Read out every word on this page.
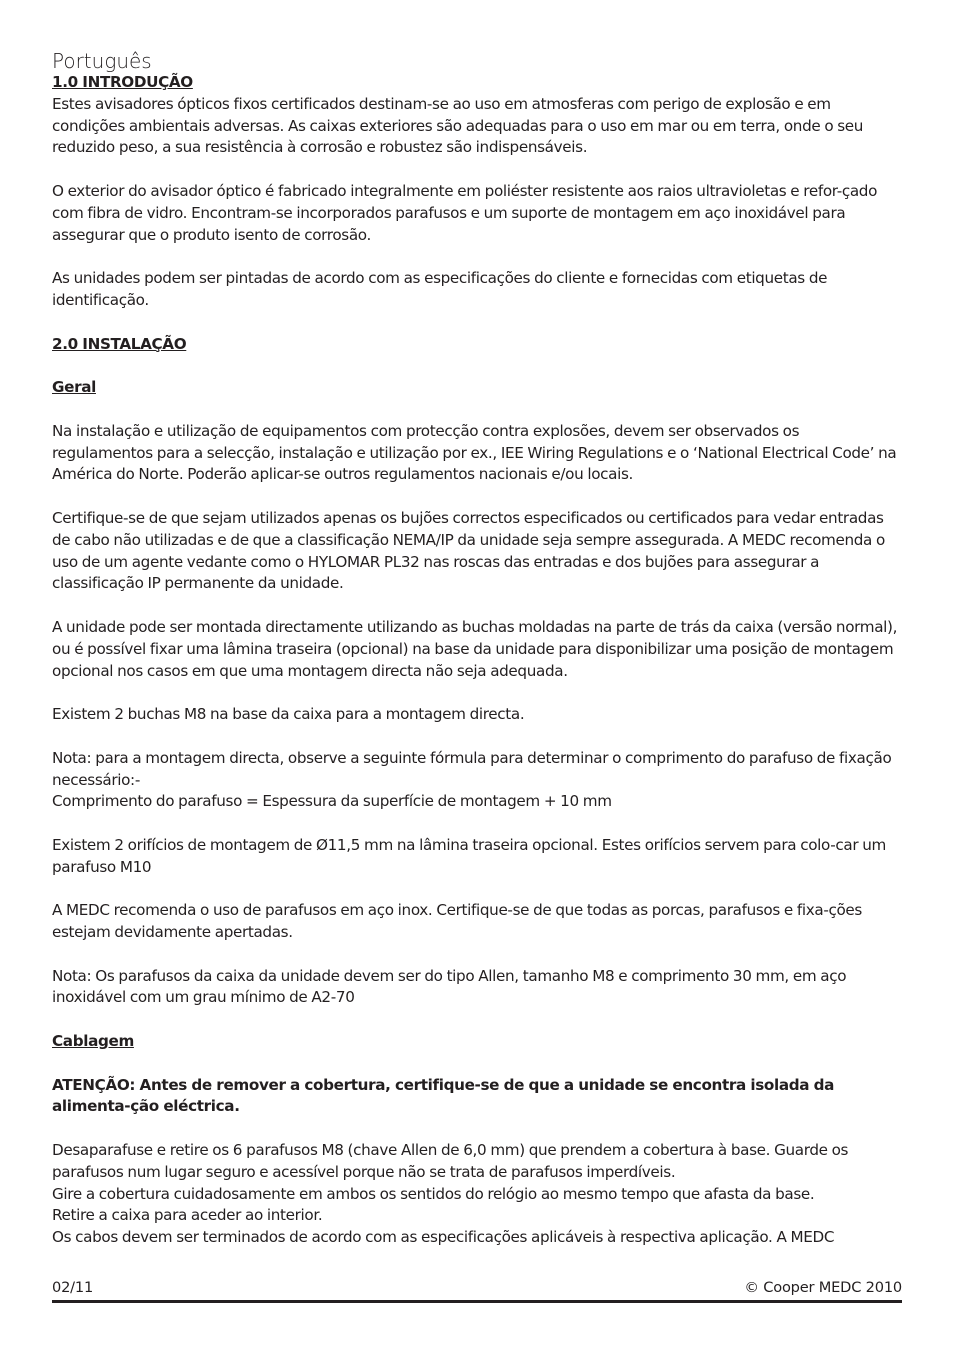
Português

1.0 INTRODUÇÃO

Estes avisadores ópticos fixos certificados destinam-se ao uso em atmosferas com perigo de explosão e em condições ambientais adversas. As caixas exteriores são adequadas para o uso em mar ou em terra, onde o seu reduzido peso, a sua resistência à corrosão e robustez são indispensáveis.

O exterior do avisador óptico é fabricado integralmente em poliéster resistente aos raios ultravioletas e refor-çado com fibra de vidro. Encontram-se incorporados parafusos e um suporte de montagem em aço inoxidável para assegurar que o produto isento de corrosão.

As unidades podem ser pintadas de acordo com as especificações do cliente e fornecidas com etiquetas de identificação.

2.0 INSTALAÇÃO

Geral

Na instalação e utilização de equipamentos com protecção contra explosões, devem ser observados os regulamentos para a selecção, instalação e utilização por ex., IEE Wiring Regulations e o ‘National Electrical Code’ na América do Norte. Poderão aplicar-se outros regulamentos nacionais e/ou locais.

Certifique-se de que sejam utilizados apenas os bujões correctos especificados ou certificados para vedar entradas de cabo não utilizadas e de que a classificação NEMA/IP da unidade seja sempre assegurada. A MEDC recomenda o uso de um agente vedante como o HYLOMAR PL32 nas roscas das entradas e dos bujões para assegurar a classificação IP permanente da unidade.

A unidade pode ser montada directamente utilizando as buchas moldadas na parte de trás da caixa (versão normal), ou é possível fixar uma lâmina traseira (opcional) na base da unidade para disponibilizar uma posição de montagem opcional nos casos em que uma montagem directa não seja adequada.

Existem 2 buchas M8 na base da caixa para a montagem directa.

Nota: para a montagem directa, observe a seguinte fórmula para determinar o comprimento do parafuso de fixação necessário:-

Comprimento do parafuso = Espessura da superfície de montagem + 10 mm

Existem 2 orifícios de montagem de Ø11,5 mm na lâmina traseira opcional. Estes orifícios servem para colo-car um parafuso M10

A MEDC recomenda o uso de parafusos em aço inox. Certifique-se de que todas as porcas, parafusos e fixa-ções estejam devidamente apertadas.

Nota: Os parafusos da caixa da unidade devem ser do tipo Allen, tamanho M8 e comprimento 30 mm, em aço inoxidável com um grau mínimo de A2-70

Cablagem

ATENÇÃO: Antes de remover a cobertura, certifique-se de que a unidade se encontra isolada da alimenta-ção eléctrica.

Desaparafuse e retire os 6 parafusos M8 (chave Allen de 6,0 mm) que prendem a cobertura à base. Guarde os parafusos num lugar seguro e acessível porque não se trata de parafusos imperdíveis.

Gire a cobertura cuidadosamente em ambos os sentidos do relógio ao mesmo tempo que afasta da base.

Retire a caixa para aceder ao interior.

Os cabos devem ser terminados de acordo com as especificações aplicáveis à respectiva aplicação. A MEDC

02/11	© Cooper MEDC 2010
